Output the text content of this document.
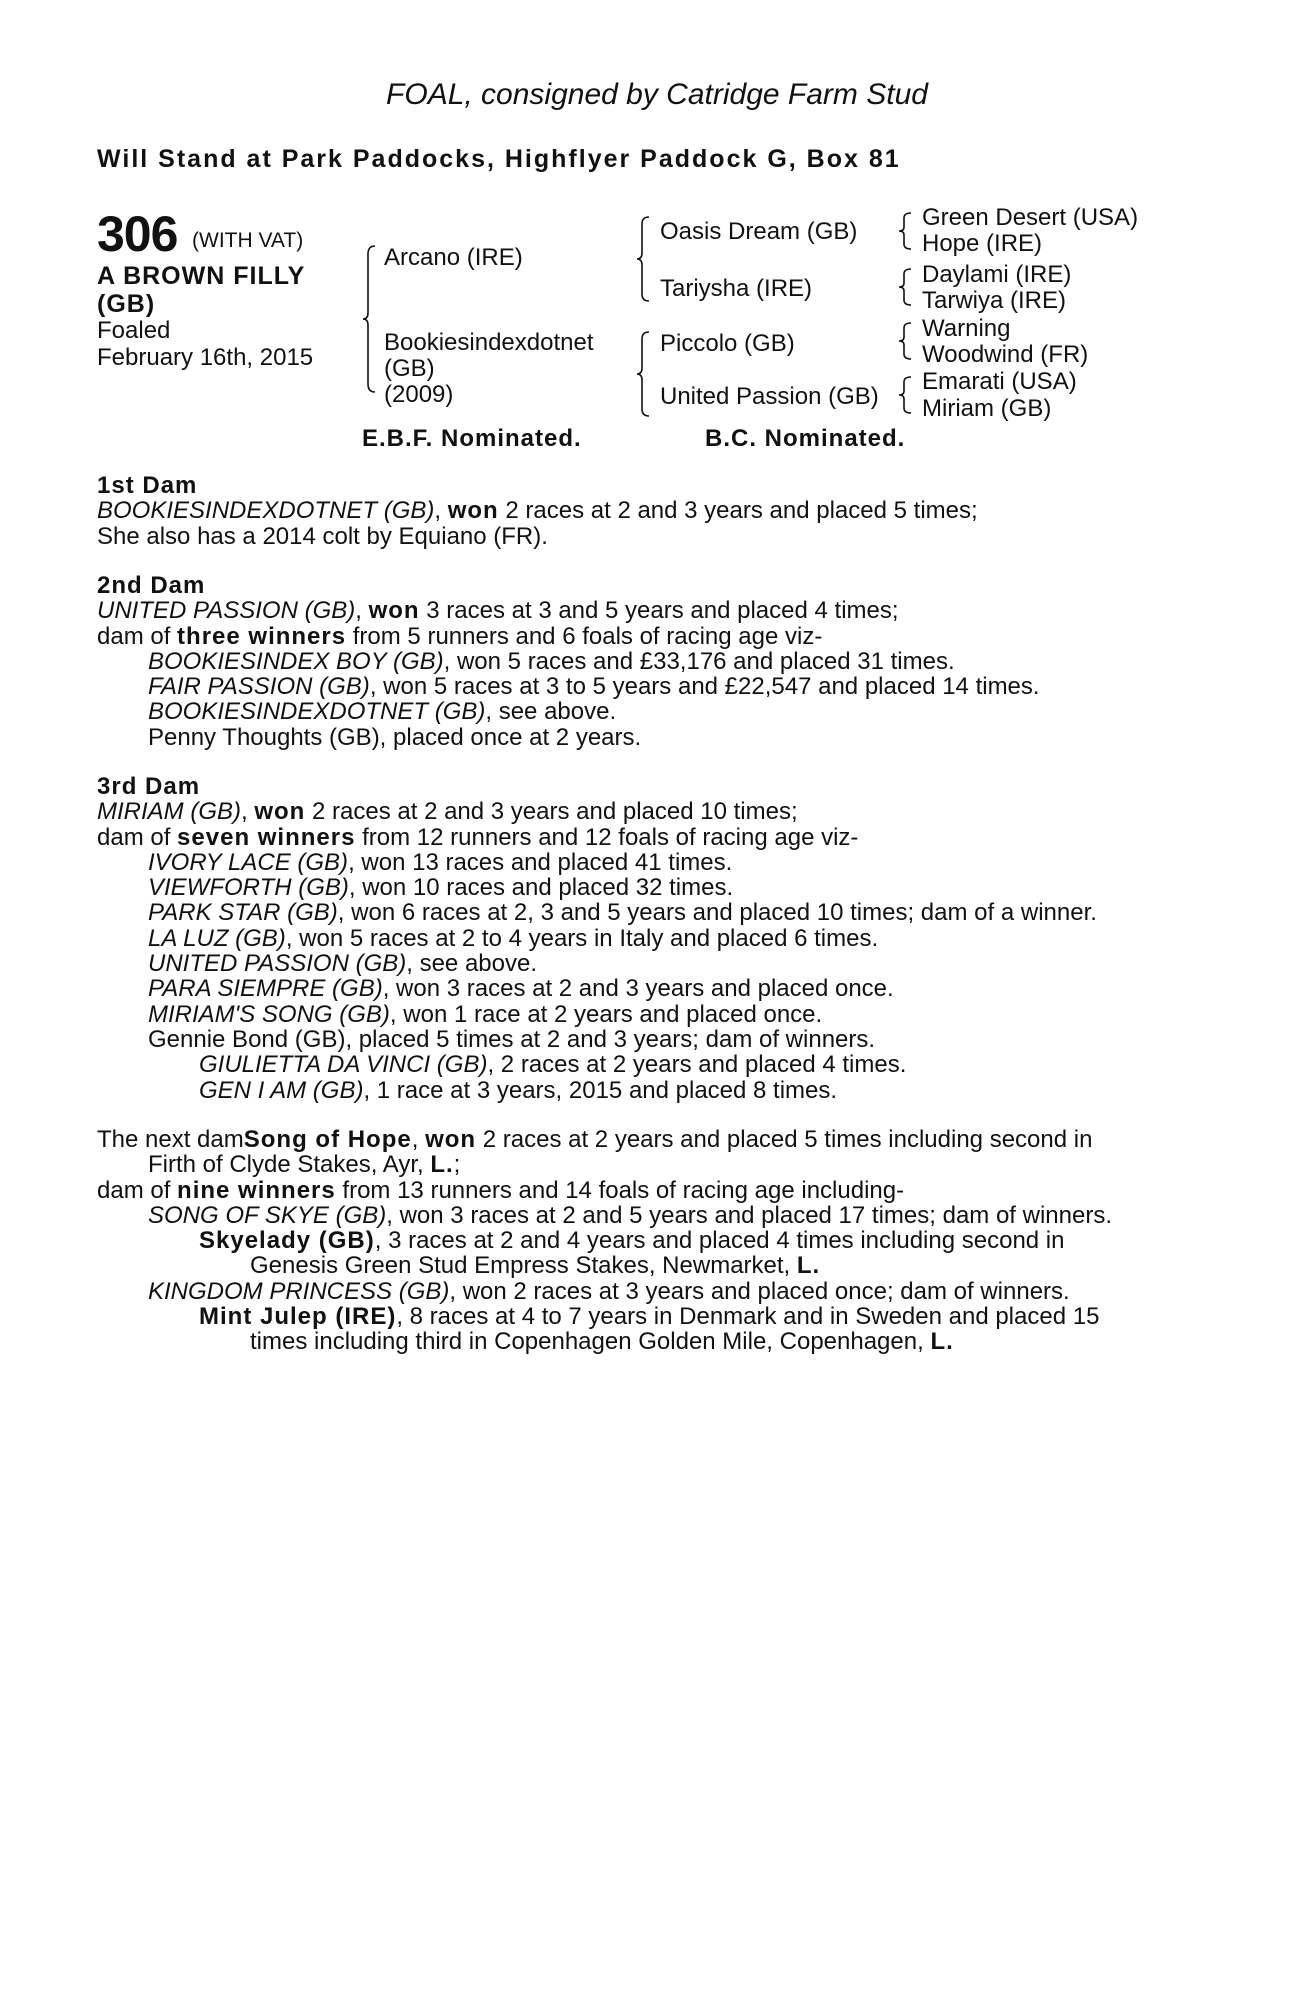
FOAL, consigned by Catridge Farm Stud
Will Stand at Park Paddocks, Highflyer Paddock G, Box 81
306 (WITH VAT)
A BROWN FILLY
(GB)
Foaled
February 16th, 2015
Arcano (IRE)
Bookiesindexdotnet
(GB)
(2009)
Oasis Dream (GB)
Tariysha (IRE)
Piccolo (GB)
United Passion (GB)
Green Desert (USA)
Hope (IRE)
Daylami (IRE)
Tarwiya (IRE)
Warning
Woodwind (FR)
Emarati (USA)
Miriam (GB)
E.B.F. Nominated.	B.C. Nominated.
1st Dam
BOOKIESINDEXDOTNET (GB), won 2 races at 2 and 3 years and placed 5 times;
She also has a 2014 colt by Equiano (FR).
2nd Dam
UNITED PASSION (GB), won 3 races at 3 and 5 years and placed 4 times;
dam of three winners from 5 runners and 6 foals of racing age viz-
BOOKIESINDEX BOY (GB), won 5 races and £33,176 and placed 31 times.
FAIR PASSION (GB), won 5 races at 3 to 5 years and £22,547 and placed 14 times.
BOOKIESINDEXDOTNET (GB), see above.
Penny Thoughts (GB), placed once at 2 years.
3rd Dam
MIRIAM (GB), won 2 races at 2 and 3 years and placed 10 times;
dam of seven winners from 12 runners and 12 foals of racing age viz-
IVORY LACE (GB), won 13 races and placed 41 times.
VIEWFORTH (GB), won 10 races and placed 32 times.
PARK STAR (GB), won 6 races at 2, 3 and 5 years and placed 10 times; dam of a winner.
LA LUZ (GB), won 5 races at 2 to 4 years in Italy and placed 6 times.
UNITED PASSION (GB), see above.
PARA SIEMPRE (GB), won 3 races at 2 and 3 years and placed once.
MIRIAM'S SONG (GB), won 1 race at 2 years and placed once.
Gennie Bond (GB), placed 5 times at 2 and 3 years; dam of winners.
GIULIETTA DA VINCI (GB), 2 races at 2 years and placed 4 times.
GEN I AM (GB), 1 race at 3 years, 2015 and placed 8 times.
The next dam Song of Hope, won 2 races at 2 years and placed 5 times including second in
Firth of Clyde Stakes, Ayr, L.;
dam of nine winners from 13 runners and 14 foals of racing age including-
SONG OF SKYE (GB), won 3 races at 2 and 5 years and placed 17 times; dam of winners.
Skyelady (GB), 3 races at 2 and 4 years and placed 4 times including second in
Genesis Green Stud Empress Stakes, Newmarket, L.
KINGDOM PRINCESS (GB), won 2 races at 3 years and placed once; dam of winners.
Mint Julep (IRE), 8 races at 4 to 7 years in Denmark and in Sweden and placed 15
times including third in Copenhagen Golden Mile, Copenhagen, L.
